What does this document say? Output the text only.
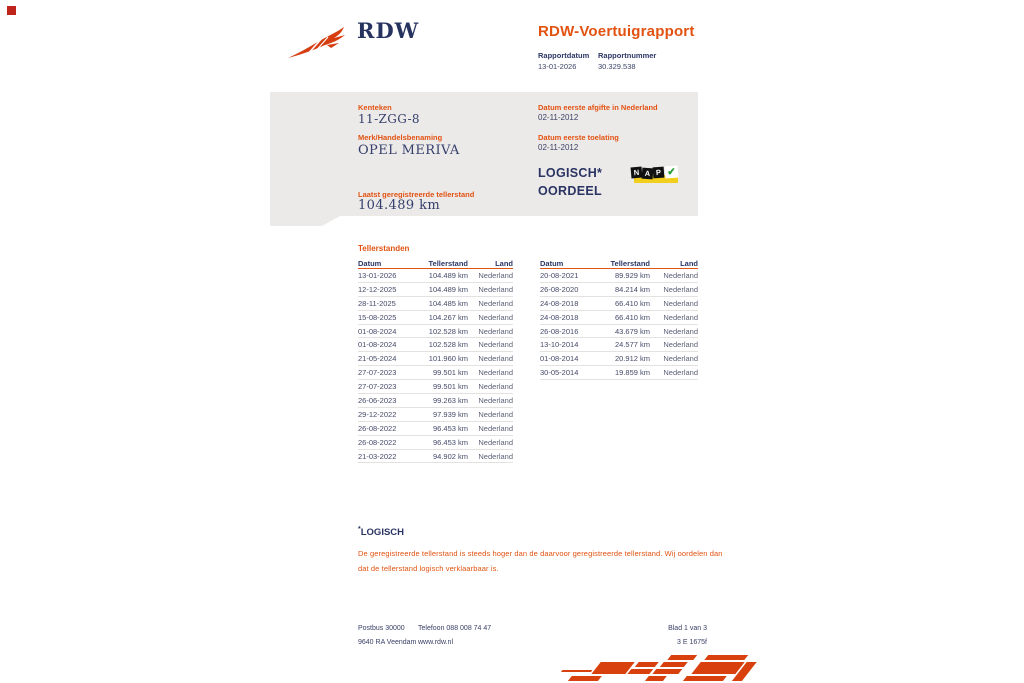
RDW	RDW-Voertuigrapport
Rapportdatum
13-01-2026
Rapportnummer
30.329.538
Kenteken
11-ZGG-8
Merk/Handelsbenaming
OPEL MERIVA
Laatst geregistreerde tellerstand
104.489 km
Datum eerste afgifte in Nederland
02-11-2012
Datum eerste toelating
02-11-2012
LOGISCH*
OORDEEL
N A P ✔
Tellerstanden
Datum	Tellerstand	Land
13-01-2026	104.489 km	Nederland
12-12-2025	104.489 km	Nederland
28-11-2025	104.485 km	Nederland
15-08-2025	104.267 km	Nederland
01-08-2024	102.528 km	Nederland
01-08-2024	102.528 km	Nederland
21-05-2024	101.960 km	Nederland
27-07-2023	99.501 km	Nederland
27-07-2023	99.501 km	Nederland
26-06-2023	99.263 km	Nederland
29-12-2022	97.939 km	Nederland
26-08-2022	96.453 km	Nederland
26-08-2022	96.453 km	Nederland
21-03-2022	94.902 km	Nederland
Datum	Tellerstand	Land
20-08-2021	89.929 km	Nederland
26-08-2020	84.214 km	Nederland
24-08-2018	66.410 km	Nederland
24-08-2018	66.410 km	Nederland
26-08-2016	43.679 km	Nederland
13-10-2014	24.577 km	Nederland
01-08-2014	20.912 km	Nederland
30-05-2014	19.859 km	Nederland
*LOGISCH
De geregistreerde tellerstand is steeds hoger dan de daarvoor geregistreerde tellerstand. Wij oordelen dan
dat de tellerstand logisch verklaarbaar is.
Postbus 30000
9640 RA Veendam
Telefoon 088 008 74 47
www.rdw.nl
Blad 1 van 3
3 E 1675f
